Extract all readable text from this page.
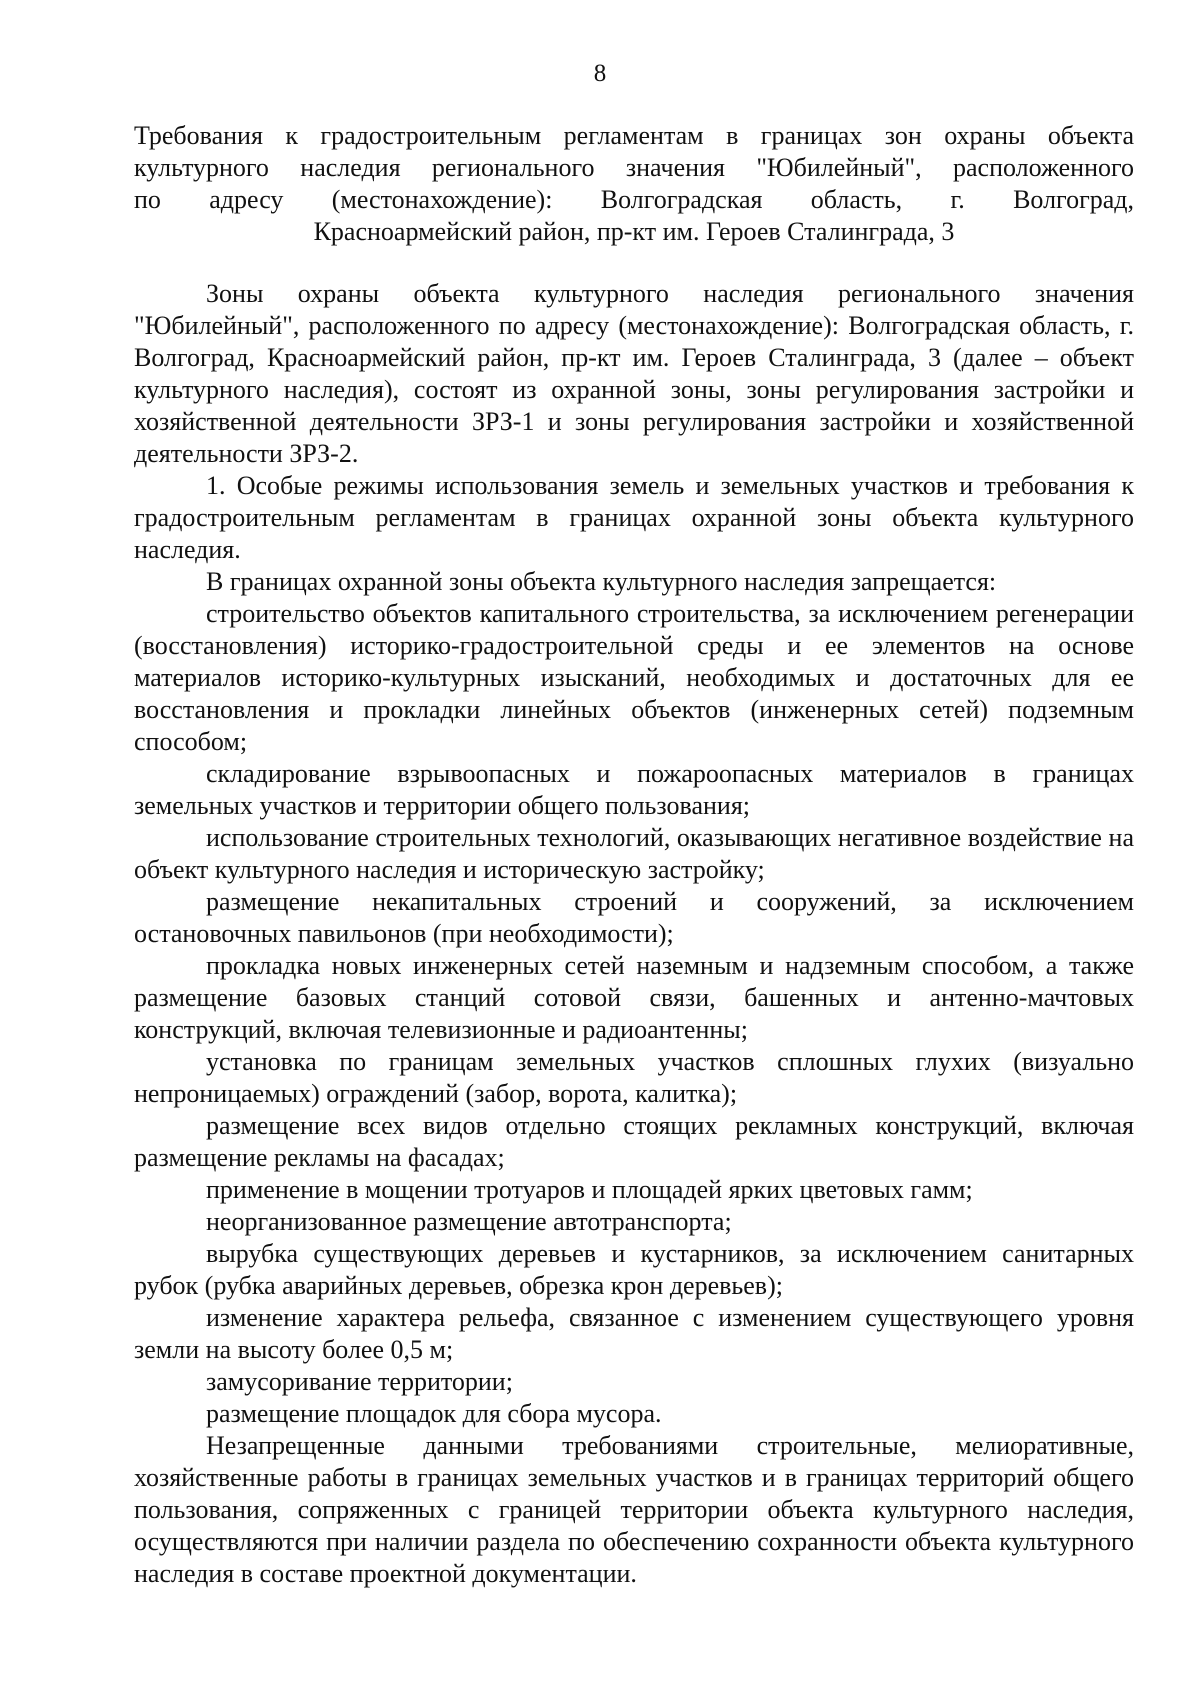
8
Требования к градостроительным регламентам в границах зон охраны объекта
культурного наследия регионального значения "Юбилейный", расположенного
по адресу (местонахождение): Волгоградская область, г. Волгоград,
Красноармейский район, пр-кт им. Героев Сталинграда, 3

Зоны охраны объекта культурного наследия регионального значения "Юбилейный", расположенного по адресу (местонахождение): Волгоградская область, г. Волгоград, Красноармейский район, пр-кт им. Героев Сталинграда, 3 (далее – объект культурного наследия), состоят из охранной зоны, зоны регулирования застройки и хозяйственной деятельности ЗРЗ-1 и зоны регулирования застройки и хозяйственной деятельности ЗРЗ-2.

1. Особые режимы использования земель и земельных участков и требования к градостроительным регламентам в границах охранной зоны объекта культурного наследия.

В границах охранной зоны объекта культурного наследия запрещается:

строительство объектов капитального строительства, за исключением регенерации (восстановления) историко-градостроительной среды и ее элементов на основе материалов историко-культурных изысканий, необходимых и достаточных для ее восстановления и прокладки линейных объектов (инженерных сетей) подземным способом;

складирование взрывоопасных и пожароопасных материалов в границах земельных участков и территории общего пользования;

использование строительных технологий, оказывающих негативное воздействие на объект культурного наследия и историческую застройку;

размещение некапитальных строений и сооружений, за исключением остановочных павильонов (при необходимости);

прокладка новых инженерных сетей наземным и надземным способом, а также размещение базовых станций сотовой связи, башенных и антенно-мачтовых конструкций, включая телевизионные и радиоантенны;

установка по границам земельных участков сплошных глухих (визуально непроницаемых) ограждений (забор, ворота, калитка);

размещение всех видов отдельно стоящих рекламных конструкций, включая размещение рекламы на фасадах;

применение в мощении тротуаров и площадей ярких цветовых гамм;

неорганизованное размещение автотранспорта;

вырубка существующих деревьев и кустарников, за исключением санитарных рубок (рубка аварийных деревьев, обрезка крон деревьев);

изменение характера рельефа, связанное с изменением существующего уровня земли на высоту более 0,5 м;

замусоривание территории;

размещение площадок для сбора мусора.

Незапрещенные данными требованиями строительные, мелиоративные, хозяйственные работы в границах земельных участков и в границах территорий общего пользования, сопряженных с границей территории объекта культурного наследия, осуществляются при наличии раздела по обеспечению сохранности объекта культурного наследия в составе проектной документации.
